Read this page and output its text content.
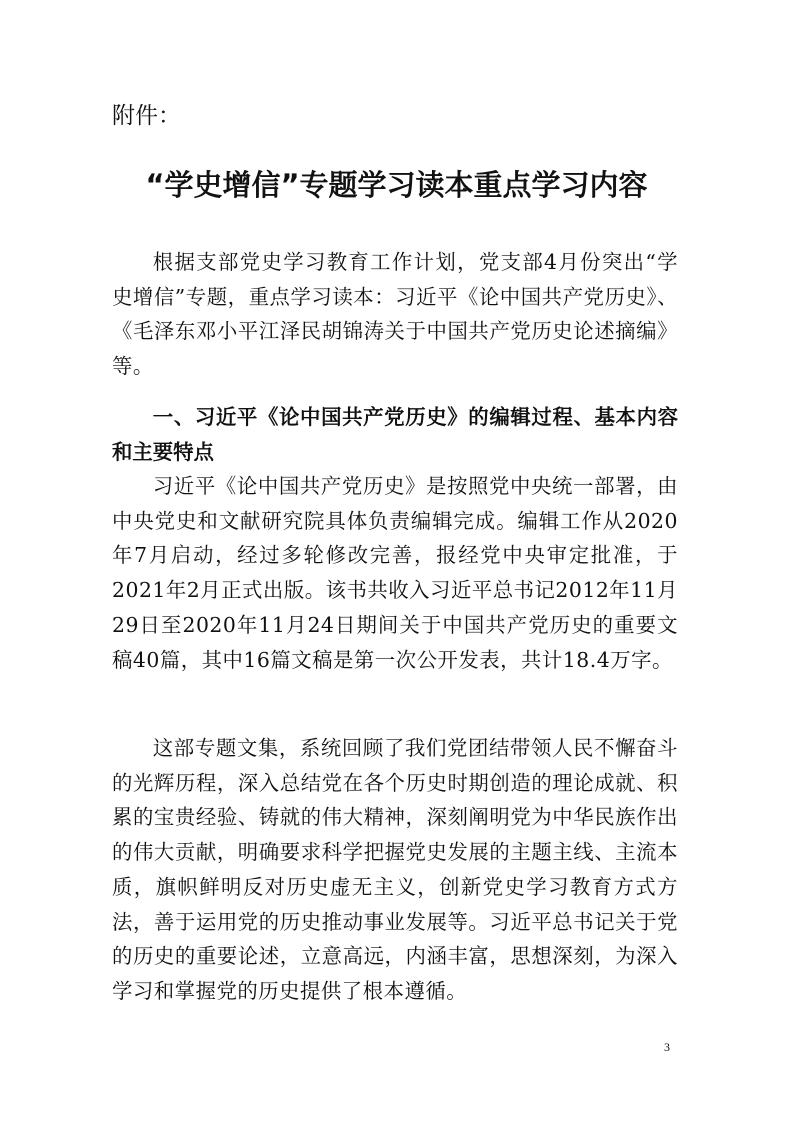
附件：

“学史增信”专题学习读本重点学习内容

根据支部党史学习教育工作计划，党支部4月份突出“学史增信”专题，重点学习读本：习近平《论中国共产党历史》、《毛泽东邓小平江泽民胡锦涛关于中国共产党历史论述摘编》等。

一、习近平《论中国共产党历史》的编辑过程、基本内容和主要特点

习近平《论中国共产党历史》是按照党中央统一部署，由中央党史和文献研究院具体负责编辑完成。编辑工作从2020年7月启动，经过多轮修改完善，报经党中央审定批准，于2021年2月正式出版。该书共收入习近平总书记2012年11月29日至2020年11月24日期间关于中国共产党历史的重要文稿40篇，其中16篇文稿是第一次公开发表，共计18.4万字。

这部专题文集，系统回顾了我们党团结带领人民不懈奋斗的光辉历程，深入总结党在各个历史时期创造的理论成就、积累的宝贵经验、铸就的伟大精神，深刻阐明党为中华民族作出的伟大贡献，明确要求科学把握党史发展的主题主线、主流本质，旗帜鲜明反对历史虚无主义，创新党史学习教育方式方法，善于运用党的历史推动事业发展等。习近平总书记关于党的历史的重要论述，立意高远，内涵丰富，思想深刻，为深入学习和掌握党的历史提供了根本遵循。

3
